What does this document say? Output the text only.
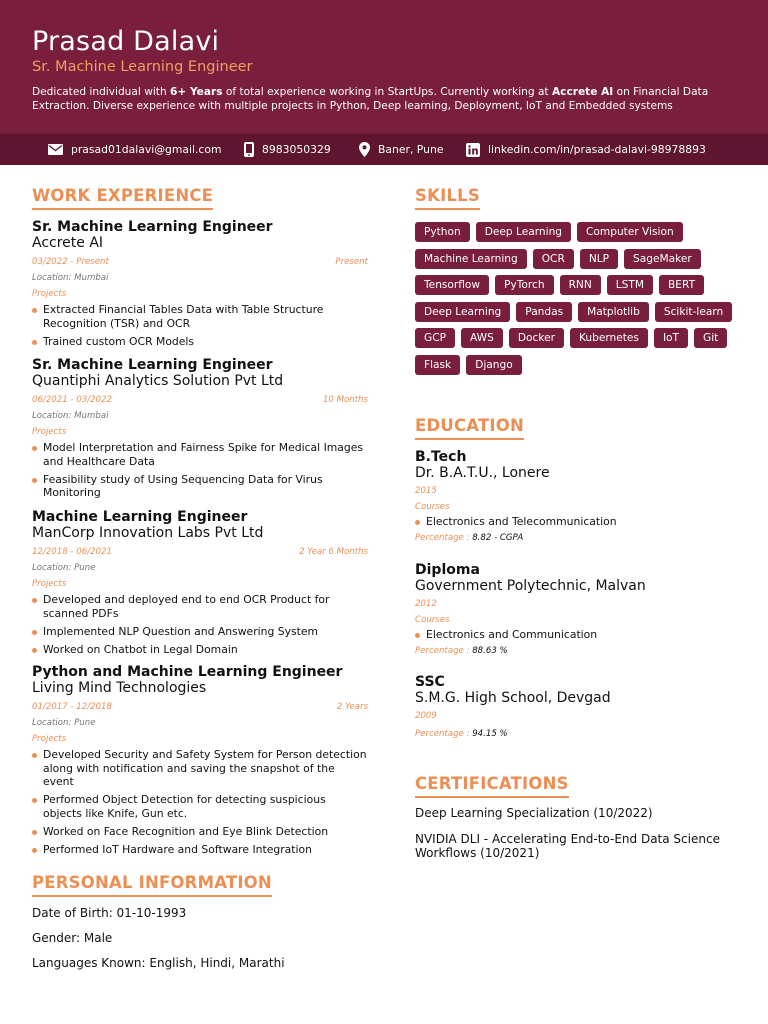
Prasad Dalavi
Sr. Machine Learning Engineer
Dedicated individual with 6+ Years of total experience working in StartUps. Currently working at Accrete AI on Financial Data Extraction. Diverse experience with multiple projects in Python, Deep learning, Deployment, IoT and Embedded systems
prasad01dalavi@gmail.com	8983050329	Baner, Pune	linkedin.com/in/prasad-dalavi-98978893
WORK EXPERIENCE
Sr. Machine Learning Engineer
Accrete AI
03/2022 - Present	Present
Location: Mumbai
Projects
Extracted Financial Tables Data with Table Structure Recognition (TSR) and OCR
Trained custom OCR Models
Sr. Machine Learning Engineer
Quantiphi Analytics Solution Pvt Ltd
06/2021 - 03/2022	10 Months
Location: Mumbai
Projects
Model Interpretation and Fairness Spike for Medical Images and Healthcare Data
Feasibility study of Using Sequencing Data for Virus Monitoring
Machine Learning Engineer
ManCorp Innovation Labs Pvt Ltd
12/2018 - 06/2021	2 Year 6 Months
Location: Pune
Projects
Developed and deployed end to end OCR Product for scanned PDFs
Implemented NLP Question and Answering System
Worked on Chatbot in Legal Domain
Python and Machine Learning Engineer
Living Mind Technologies
01/2017 - 12/2018	2 Years
Location: Pune
Projects
Developed Security and Safety System for Person detection along with notification and saving the snapshot of the event
Performed Object Detection for detecting suspicious objects like Knife, Gun etc.
Worked on Face Recognition and Eye Blink Detection
Performed IoT Hardware and Software Integration
PERSONAL INFORMATION
Date of Birth: 01-10-1993
Gender: Male
Languages Known: English, Hindi, Marathi
SKILLS
Python	Deep Learning	Computer Vision
Machine Learning	OCR	NLP	SageMaker
Tensorflow	PyTorch	RNN	LSTM	BERT
Deep Learning	Pandas	Matplotlib	Scikit-learn
GCP	AWS	Docker	Kubernetes	IoT	Git
Flask	Django
EDUCATION
B.Tech
Dr. B.A.T.U., Lonere
2015
Courses
Electronics and Telecommunication
Percentage : 8.82 - CGPA
Diploma
Government Polytechnic, Malvan
2012
Courses
Electronics and Communication
Percentage : 88.63 %
SSC
S.M.G. High School, Devgad
2009
Percentage : 94.15 %
CERTIFICATIONS
Deep Learning Specialization (10/2022)
NVIDIA DLI - Accelerating End-to-End Data Science Workflows (10/2021)
